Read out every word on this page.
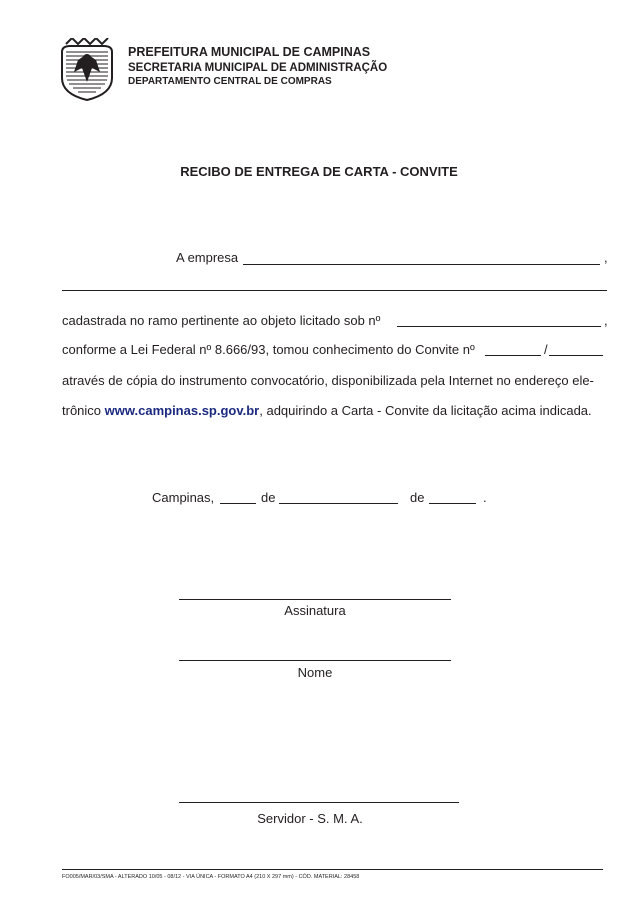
PREFEITURA MUNICIPAL DE CAMPINAS
SECRETARIA MUNICIPAL DE ADMINISTRAÇÃO
DEPARTAMENTO CENTRAL DE COMPRAS
RECIBO DE ENTREGA DE CARTA - CONVITE
A empresa	,
cadastrada no ramo pertinente ao objeto licitado sob nº	,
conforme a Lei Federal nº 8.666/93, tomou conhecimento do Convite nº	/
através de cópia do instrumento convocatório, disponibilizada pela Internet no endereço ele-
trônico www.campinas.sp.gov.br, adquirindo a Carta - Convite da licitação acima indicada.
Campinas,	de	de	.
Assinatura
Nome
Servidor - S. M. A.
FO005/MAR/03/SMA - ALTERADO 10/05 - 08/12 - VIA ÚNICA - FORMATO A4 (210 X 297 mm) - CÓD. MATERIAL: 28458
